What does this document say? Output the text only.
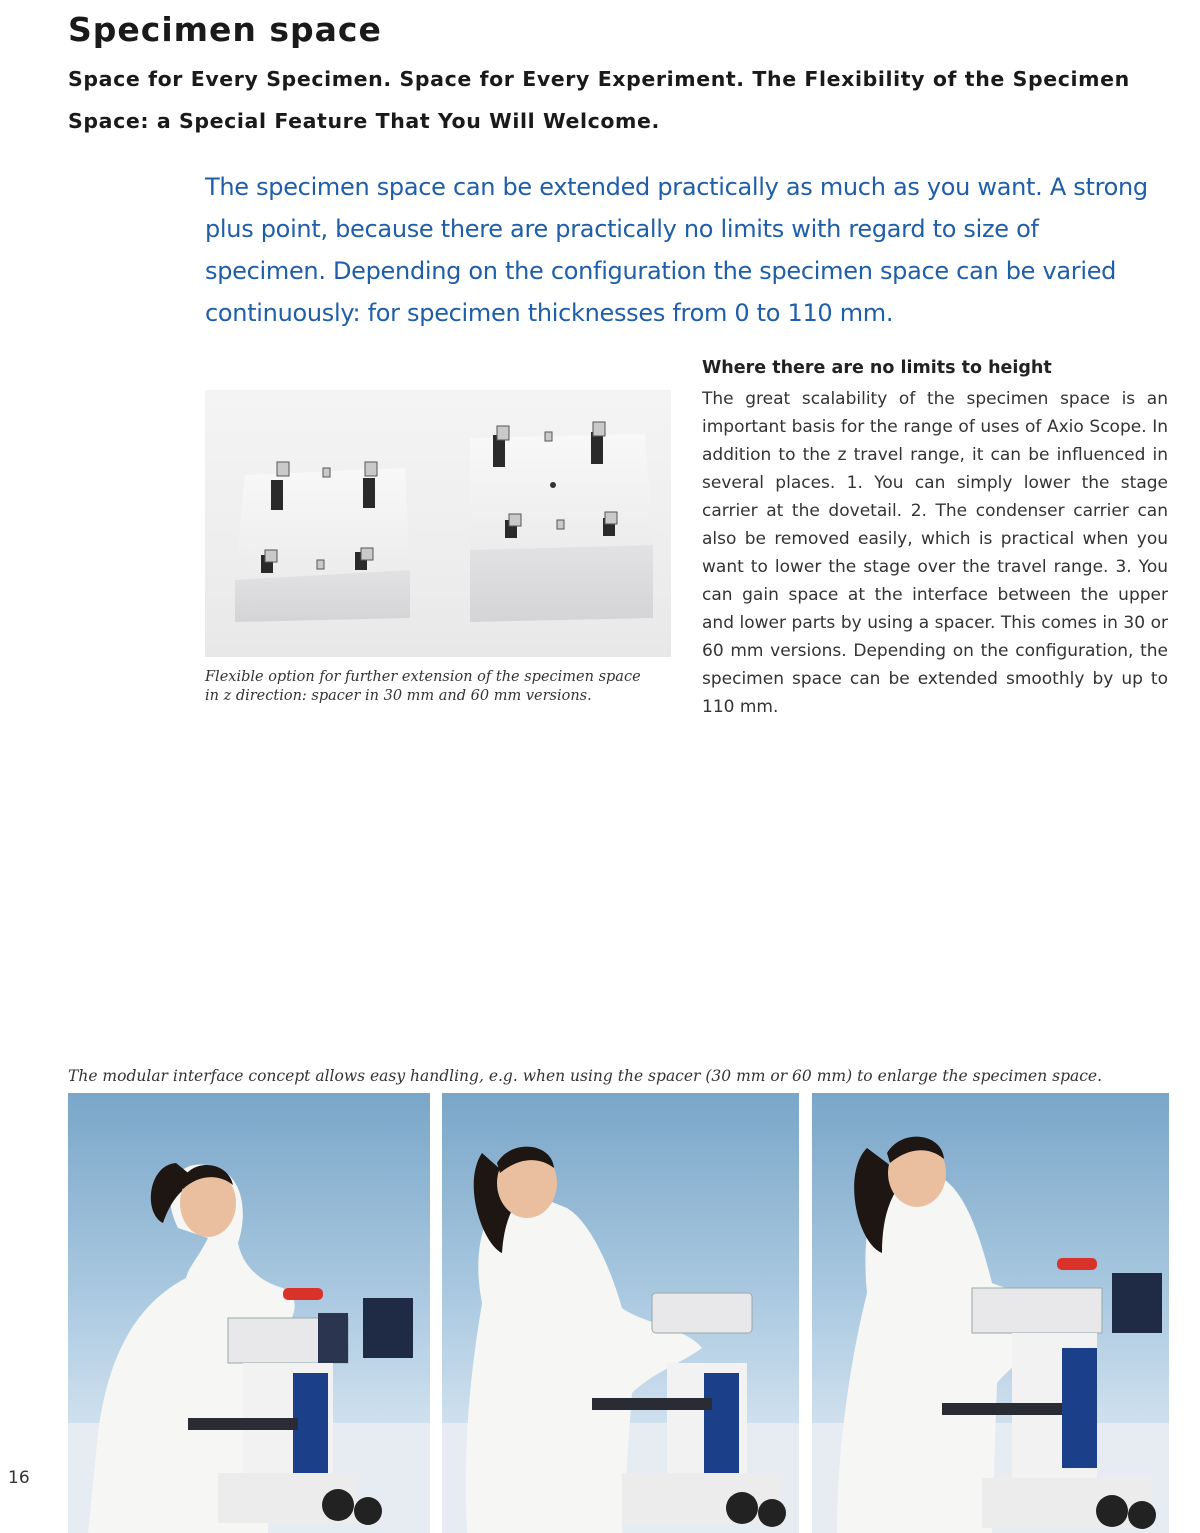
Specimen space
Space for Every Specimen. Space for Every Experiment. The Flexibility of the Specimen Space: a Special Feature That You Will Welcome.

The specimen space can be extended practically as much as you want. A strong plus point, because there are practically no limits with regard to size of specimen. Depending on the configuration the specimen space can be varied continuously: for specimen thicknesses from 0 to 110 mm.

Flexible option for further extension of the specimen space in z direction: spacer in 30 mm and 60 mm versions.

Where there are no limits to height

The great scalability of the specimen space is an important basis for the range of uses of Axio Scope. In addition to the z travel range, it can be influenced in several places. 1. You can simply lower the stage carrier at the dovetail. 2. The condenser carrier can also be removed easily, which is practical when you want to lower the stage over the travel range. 3. You can gain space at the interface between the upper and lower parts by using a spacer. This comes in 30 or 60 mm versions. Depending on the configuration, the specimen space can be extended smoothly by up to 110 mm.

The modular interface concept allows easy handling, e.g. when using the spacer (30 mm or 60 mm) to enlarge the specimen space.

16
